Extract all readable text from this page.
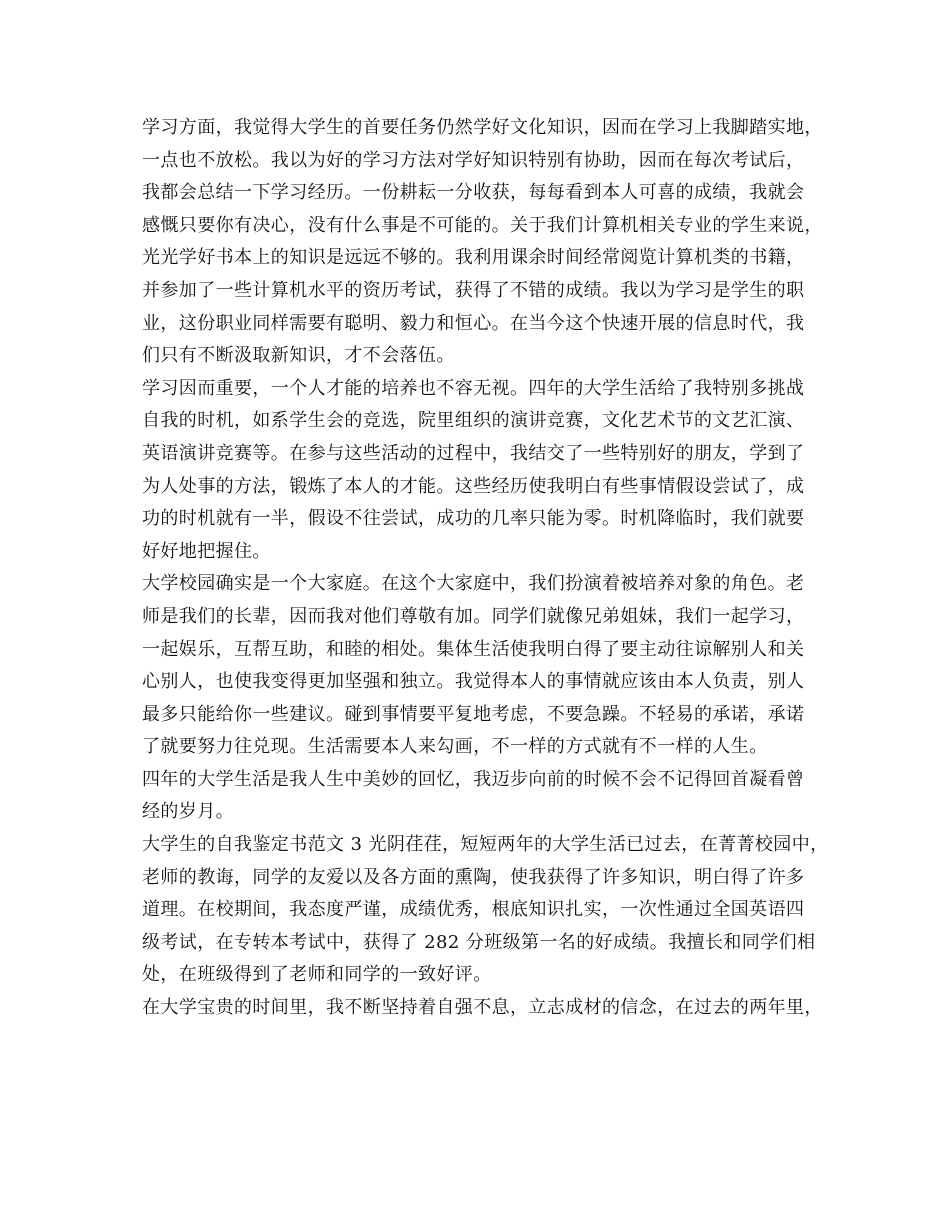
学习方面，我觉得大学生的首要任务仍然学好文化知识，因而在学习上我脚踏实地，
一点也不放松。我以为好的学习方法对学好知识特别有协助，因而在每次考试后，
我都会总结一下学习经历。一份耕耘一分收获，每每看到本人可喜的成绩，我就会
感慨只要你有决心，没有什么事是不可能的。关于我们计算机相关专业的学生来说，
光光学好书本上的知识是远远不够的。我利用课余时间经常阅览计算机类的书籍，
并参加了一些计算机水平的资历考试，获得了不错的成绩。我以为学习是学生的职
业，这份职业同样需要有聪明、毅力和恒心。在当今这个快速开展的信息时代，我
们只有不断汲取新知识，才不会落伍。
学习因而重要，一个人才能的培养也不容无视。四年的大学生活给了我特别多挑战
自我的时机，如系学生会的竞选，院里组织的演讲竞赛，文化艺术节的文艺汇演、
英语演讲竞赛等。在参与这些活动的过程中，我结交了一些特别好的朋友，学到了
为人处事的方法，锻炼了本人的才能。这些经历使我明白有些事情假设尝试了，成
功的时机就有一半，假设不往尝试，成功的几率只能为零。时机降临时，我们就要
好好地把握住。
大学校园确实是一个大家庭。在这个大家庭中，我们扮演着被培养对象的角色。老
师是我们的长辈，因而我对他们尊敬有加。同学们就像兄弟姐妹，我们一起学习，
一起娱乐，互帮互助，和睦的相处。集体生活使我明白得了要主动往谅解别人和关
心别人，也使我变得更加坚强和独立。我觉得本人的事情就应该由本人负责，别人
最多只能给你一些建议。碰到事情要平复地考虑，不要急躁。不轻易的承诺，承诺
了就要努力往兑现。生活需要本人来勾画，不一样的方式就有不一样的人生。
四年的大学生活是我人生中美妙的回忆，我迈步向前的时候不会不记得回首凝看曾
经的岁月。
大学生的自我鉴定书范文 3 光阴荏荏，短短两年的大学生活已过去，在菁菁校园中，
老师的教诲，同学的友爱以及各方面的熏陶，使我获得了许多知识，明白得了许多
道理。在校期间，我态度严谨，成绩优秀，根底知识扎实，一次性通过全国英语四
级考试，在专转本考试中，获得了 282 分班级第一名的好成绩。我擅长和同学们相
处，在班级得到了老师和同学的一致好评。
在大学宝贵的时间里，我不断坚持着自强不息，立志成材的信念，在过去的两年里，
